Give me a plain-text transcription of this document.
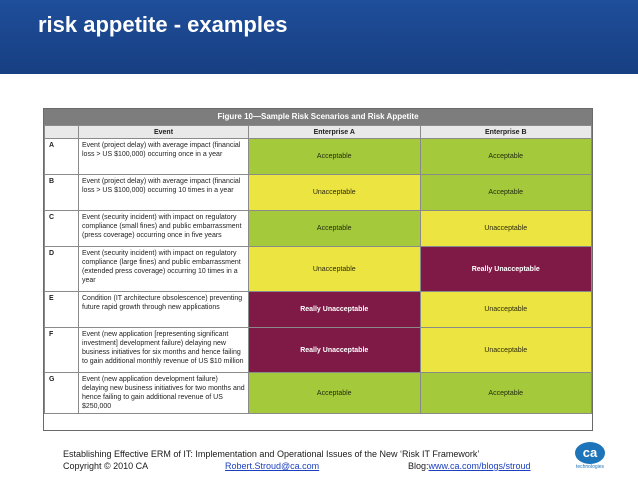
risk appetite - examples
Figure 10—Sample Risk Scenarios and Risk Appetite
	Event	Enterprise A	Enterprise B
A	Event (project delay) with average impact (financial loss > US $100,000) occurring once in a year	Acceptable	Acceptable
B	Event (project delay) with average impact (financial loss > US $100,000) occurring 10 times in a year	Unacceptable	Acceptable
C	Event (security incident) with impact on regulatory compliance (small fines) and public embarrassment (press coverage) occurring once in five years	Acceptable	Unacceptable
D	Event (security incident) with impact on regulatory compliance (large fines) and public embarrassment (extended press coverage) occurring 10 times in a year	Unacceptable	Really Unacceptable
E	Condition (IT architecture obsolescence) preventing future rapid growth through new applications	Really Unacceptable	Unacceptable
F	Event (new application [representing significant investment] development failure) delaying new business initiatives for six months and hence failing to gain additional monthly revenue of US $10 million	Really Unacceptable	Unacceptable
G	Event (new application development failure) delaying new business initiatives for two months and hence failing to gain additional revenue of US $250,000	Acceptable	Acceptable
Establishing Effective ERM of IT: Implementation and Operational Issues of the New ‘Risk IT Framework’
Copyright © 2010 CA	Robert.Stroud@ca.com	Blog:www.ca.com/blogs/stroud
ca
technologies
